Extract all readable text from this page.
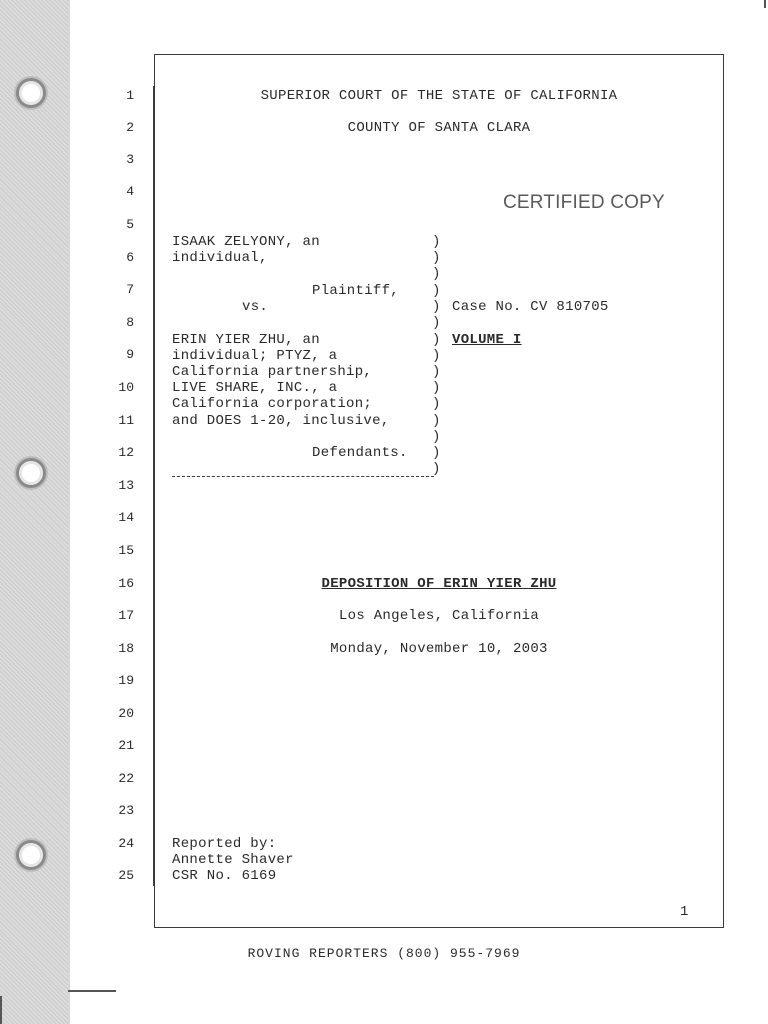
1
2
3
4
5
6
7
8
9
10
11
12
13
14
15
16
17
18
19
20
21
22
23
24
25
SUPERIOR COURT OF THE STATE OF CALIFORNIA
COUNTY OF SANTA CLARA
CERTIFIED COPY
ISAAK ZELYONY, an
individual,
Plaintiff,
vs.
ERIN YIER ZHU, an
individual; PTYZ, a
California partnership,
LIVE SHARE, INC., a
California corporation;
and DOES 1-20, inclusive,
Defendants.
)
)
)
)
)
)
)
)
)
)
)
)
)
)
)
Case No. CV 810705
VOLUME I
DEPOSITION OF ERIN YIER ZHU
Los Angeles, California
Monday, November 10, 2003
Reported by:
Annette Shaver
CSR No. 6169
1
ROVING REPORTERS (800) 955-7969
